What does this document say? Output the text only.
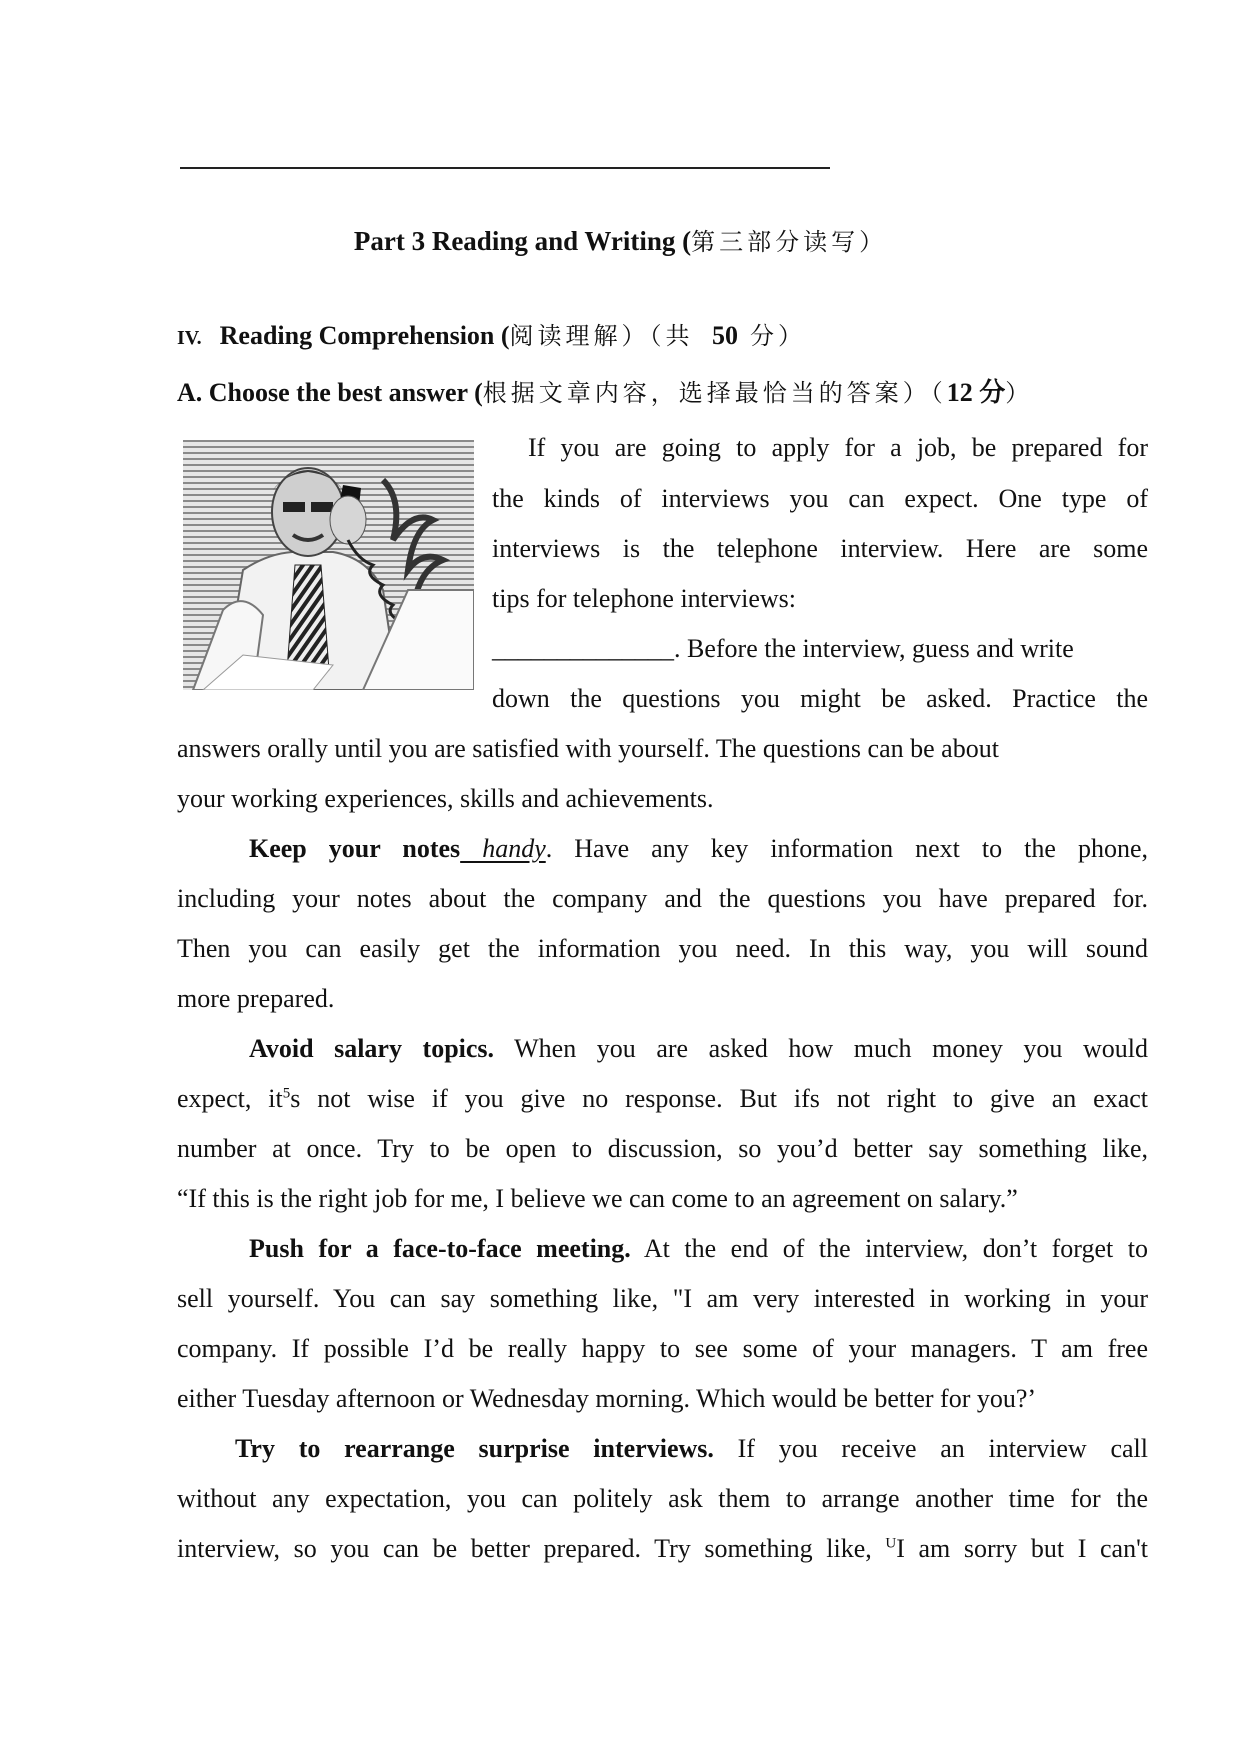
Part 3 Reading and Writing (第三部分读写）
IV. Reading Comprehension (阅读理解）（共 50 分）
A. Choose the best answer (根据文章内容，选择最恰当的答案）（12 分）
If you are going to apply for a job, be prepared for
the kinds of interviews you can expect. One type of
interviews is the telephone interview. Here are some
tips for telephone interviews:
______________. Before the interview, guess and write
down the questions you might be asked. Practice the
answers orally until you are satisfied with yourself. The questions can be about
your working experiences, skills and achievements.
Keep your notes handy. Have any key information next to the phone,
including your notes about the company and the questions you have prepared for.
Then you can easily get the information you need. In this way, you will sound
more prepared.
Avoid salary topics. When you are asked how much money you would
expect, $it^5s$ not wise if you give no response. But ifs not right to give an exact
number at once. Try to be open to discussion, so you’d better say something like,
“If this is the right job for me, I believe we can come to an agreement on salary.”
Push for a face-to-face meeting. At the end of the interview, don’t forget to
sell yourself. You can say something like, "I am very interested in working in your
company. If possible I’d be really happy to see some of your managers. T am free
either Tuesday afternoon or Wednesday morning. Which would be better for you?’
Try to rearrange surprise interviews. If you receive an interview call
without any expectation, you can politely ask them to arrange another time for the
interview, so you can be better prepared. Try something like, $^U$I am sorry but I can't
